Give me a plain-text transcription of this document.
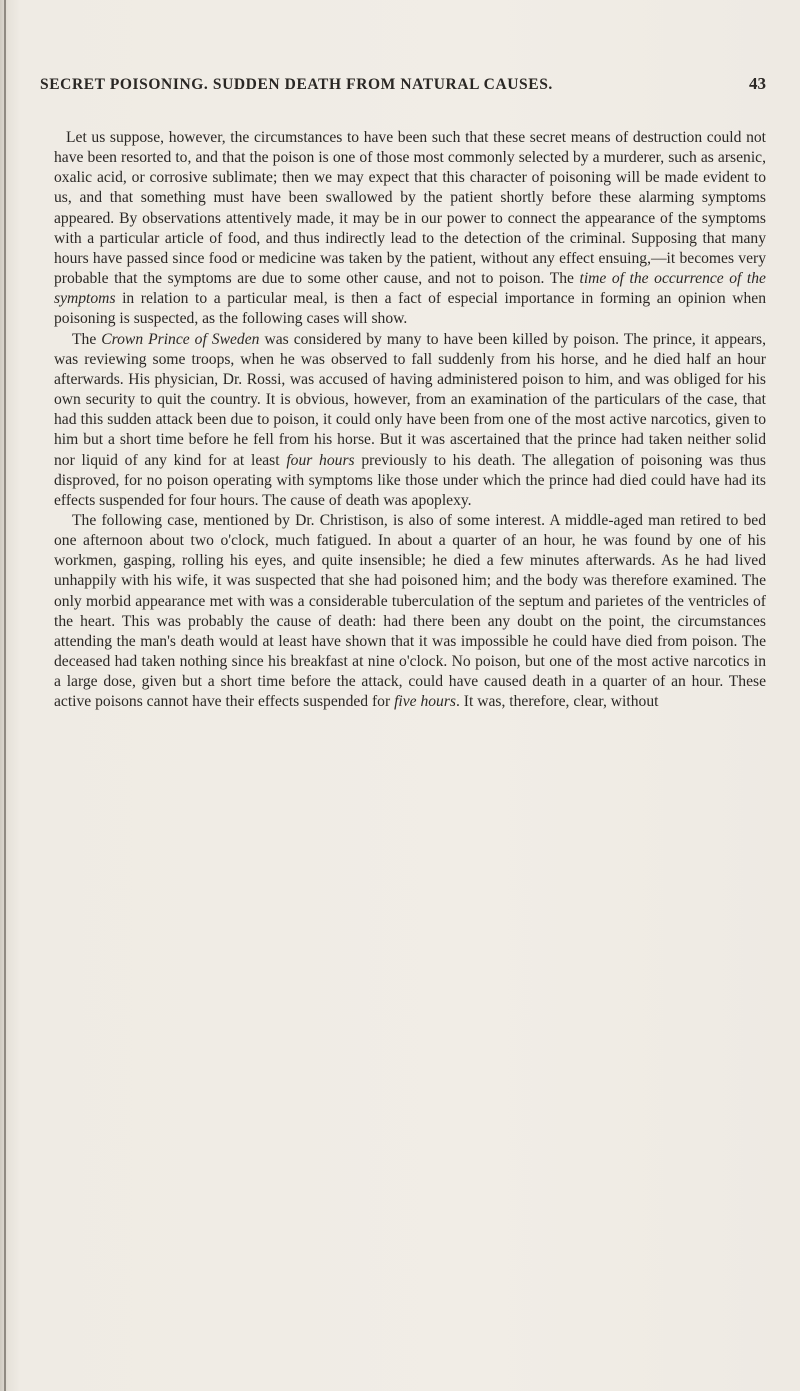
SECRET POISONING. SUDDEN DEATH FROM NATURAL CAUSES.	43

Let us suppose, however, the circumstances to have been such that these secret means of destruction could not have been resorted to, and that the poison is one of those most commonly selected by a murderer, such as arsenic, oxalic acid, or corrosive sublimate; then we may expect that this character of poisoning will be made evident to us, and that something must have been swallowed by the patient shortly before these alarming symptoms appeared. By observations attentively made, it may be in our power to connect the appearance of the symptoms with a particular article of food, and thus indirectly lead to the detection of the criminal. Supposing that many hours have passed since food or medicine was taken by the patient, without any effect ensuing,—it becomes very probable that the symptoms are due to some other cause, and not to poison. The time of the occurrence of the symptoms in relation to a particular meal, is then a fact of especial importance in forming an opinion when poisoning is suspected, as the following cases will show.

The Crown Prince of Sweden was considered by many to have been killed by poison. The prince, it appears, was reviewing some troops, when he was observed to fall suddenly from his horse, and he died half an hour afterwards. His physician, Dr. Rossi, was accused of having administered poison to him, and was obliged for his own security to quit the country. It is obvious, however, from an examination of the particulars of the case, that had this sudden attack been due to poison, it could only have been from one of the most active narcotics, given to him but a short time before he fell from his horse. But it was ascertained that the prince had taken neither solid nor liquid of any kind for at least four hours previously to his death. The allegation of poisoning was thus disproved, for no poison operating with symptoms like those under which the prince had died could have had its effects suspended for four hours. The cause of death was apoplexy.

The following case, mentioned by Dr. Christison, is also of some interest. A middle-aged man retired to bed one afternoon about two o'clock, much fatigued. In about a quarter of an hour, he was found by one of his workmen, gasping, rolling his eyes, and quite insensible; he died a few minutes afterwards. As he had lived unhappily with his wife, it was suspected that she had poisoned him; and the body was therefore examined. The only morbid appearance met with was a considerable tuberculation of the septum and parietes of the ventricles of the heart. This was probably the cause of death: had there been any doubt on the point, the circumstances attending the man's death would at least have shown that it was impossible he could have died from poison. The deceased had taken nothing since his breakfast at nine o'clock. No poison, but one of the most active narcotics in a large dose, given but a short time before the attack, could have caused death in a quarter of an hour. These active poisons cannot have their effects suspended for five hours. It was, therefore, clear, without
